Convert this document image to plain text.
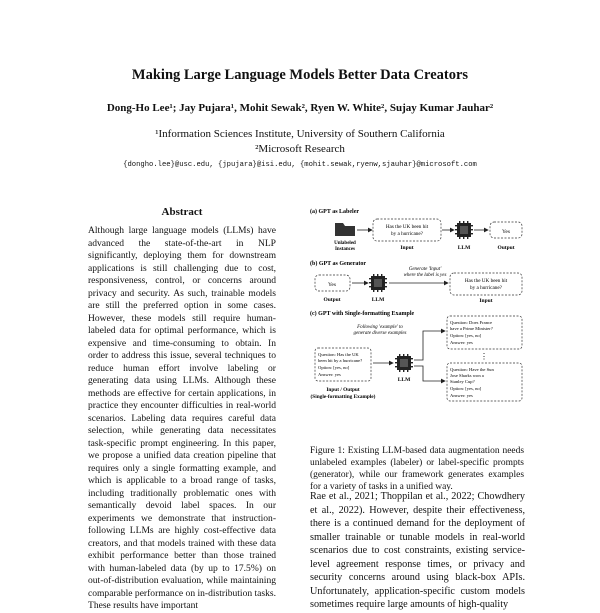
Making Large Language Models Better Data Creators
Dong-Ho Lee¹; Jay Pujara¹, Mohit Sewak², Ryen W. White², Sujay Kumar Jauhar²
¹Information Sciences Institute, University of Southern California
²Microsoft Research
{dongho.lee}@usc.edu, {jpujara}@isi.edu, {mohit.sewak,ryenw,sjauhar}@microsoft.com
Abstract
Although large language models (LLMs) have advanced the state-of-the-art in NLP significantly, deploying them for downstream applications is still challenging due to cost, responsiveness, control, or concerns around privacy and security. As such, trainable models are still the preferred option in some cases. However, these models still require human-labeled data for optimal performance, which is expensive and time-consuming to obtain. In order to address this issue, several techniques to reduce human effort involve labeling or generating data using LLMs. Although these methods are effective for certain applications, in practice they encounter difficulties in real-world scenarios. Labeling data requires careful data selection, while generating data necessitates task-specific prompt engineering. In this paper, we propose a unified data creation pipeline that requires only a single formatting example, and which is applicable to a broad range of tasks, including traditionally problematic ones with semantically devoid label spaces. In our experiments we demonstrate that instruction-following LLMs are highly cost-effective data creators, and that models trained with these data exhibit performance better than those trained with human-labeled data (by up to 17.5%) on out-of-distribution evaluation, while maintaining comparable performance on in-distribution tasks. These results have important
(a) GPT as Labeler
Unlabeled
Instances
Has the UK been hit
by a hurricane?
Input	LLM
Yes
Output
(b) GPT as Generator
Yes
Output	LLM
Generate 'Input'
where the label is yes
Has the UK been hit
by a hurricane?
Input
(c) GPT with Single-formatting Example
Following 'example' to
generate diverse examples
Question: Has the UK
been hit by a hurricane?
Option: [yes, no]
Answer: yes
Input / Output
(Single-formatting Example)
LLM
Question: Does France
have a Prime Minister?
Option: [yes, no]
Answer: yes
⋮
Question: Have the Sun
Jose Sharks won a
Stanley Cup?
Option: [yes, no]
Answer: yes
Figure 1: Existing LLM-based data augmentation needs unlabeled examples (labeler) or label-specific prompts (generator), while our framework generates examples for a variety of tasks in a unified way.
Rae et al., 2021; Thoppilan et al., 2022; Chowdhery et al., 2022). However, despite their effectiveness, there is a continued demand for the deployment of smaller trainable or tunable models in real-world scenarios due to cost constraints, existing service-level agreement response times, or privacy and security concerns around using black-box APIs. Unfortunately, application-specific custom models sometimes require large amounts of high-quality
